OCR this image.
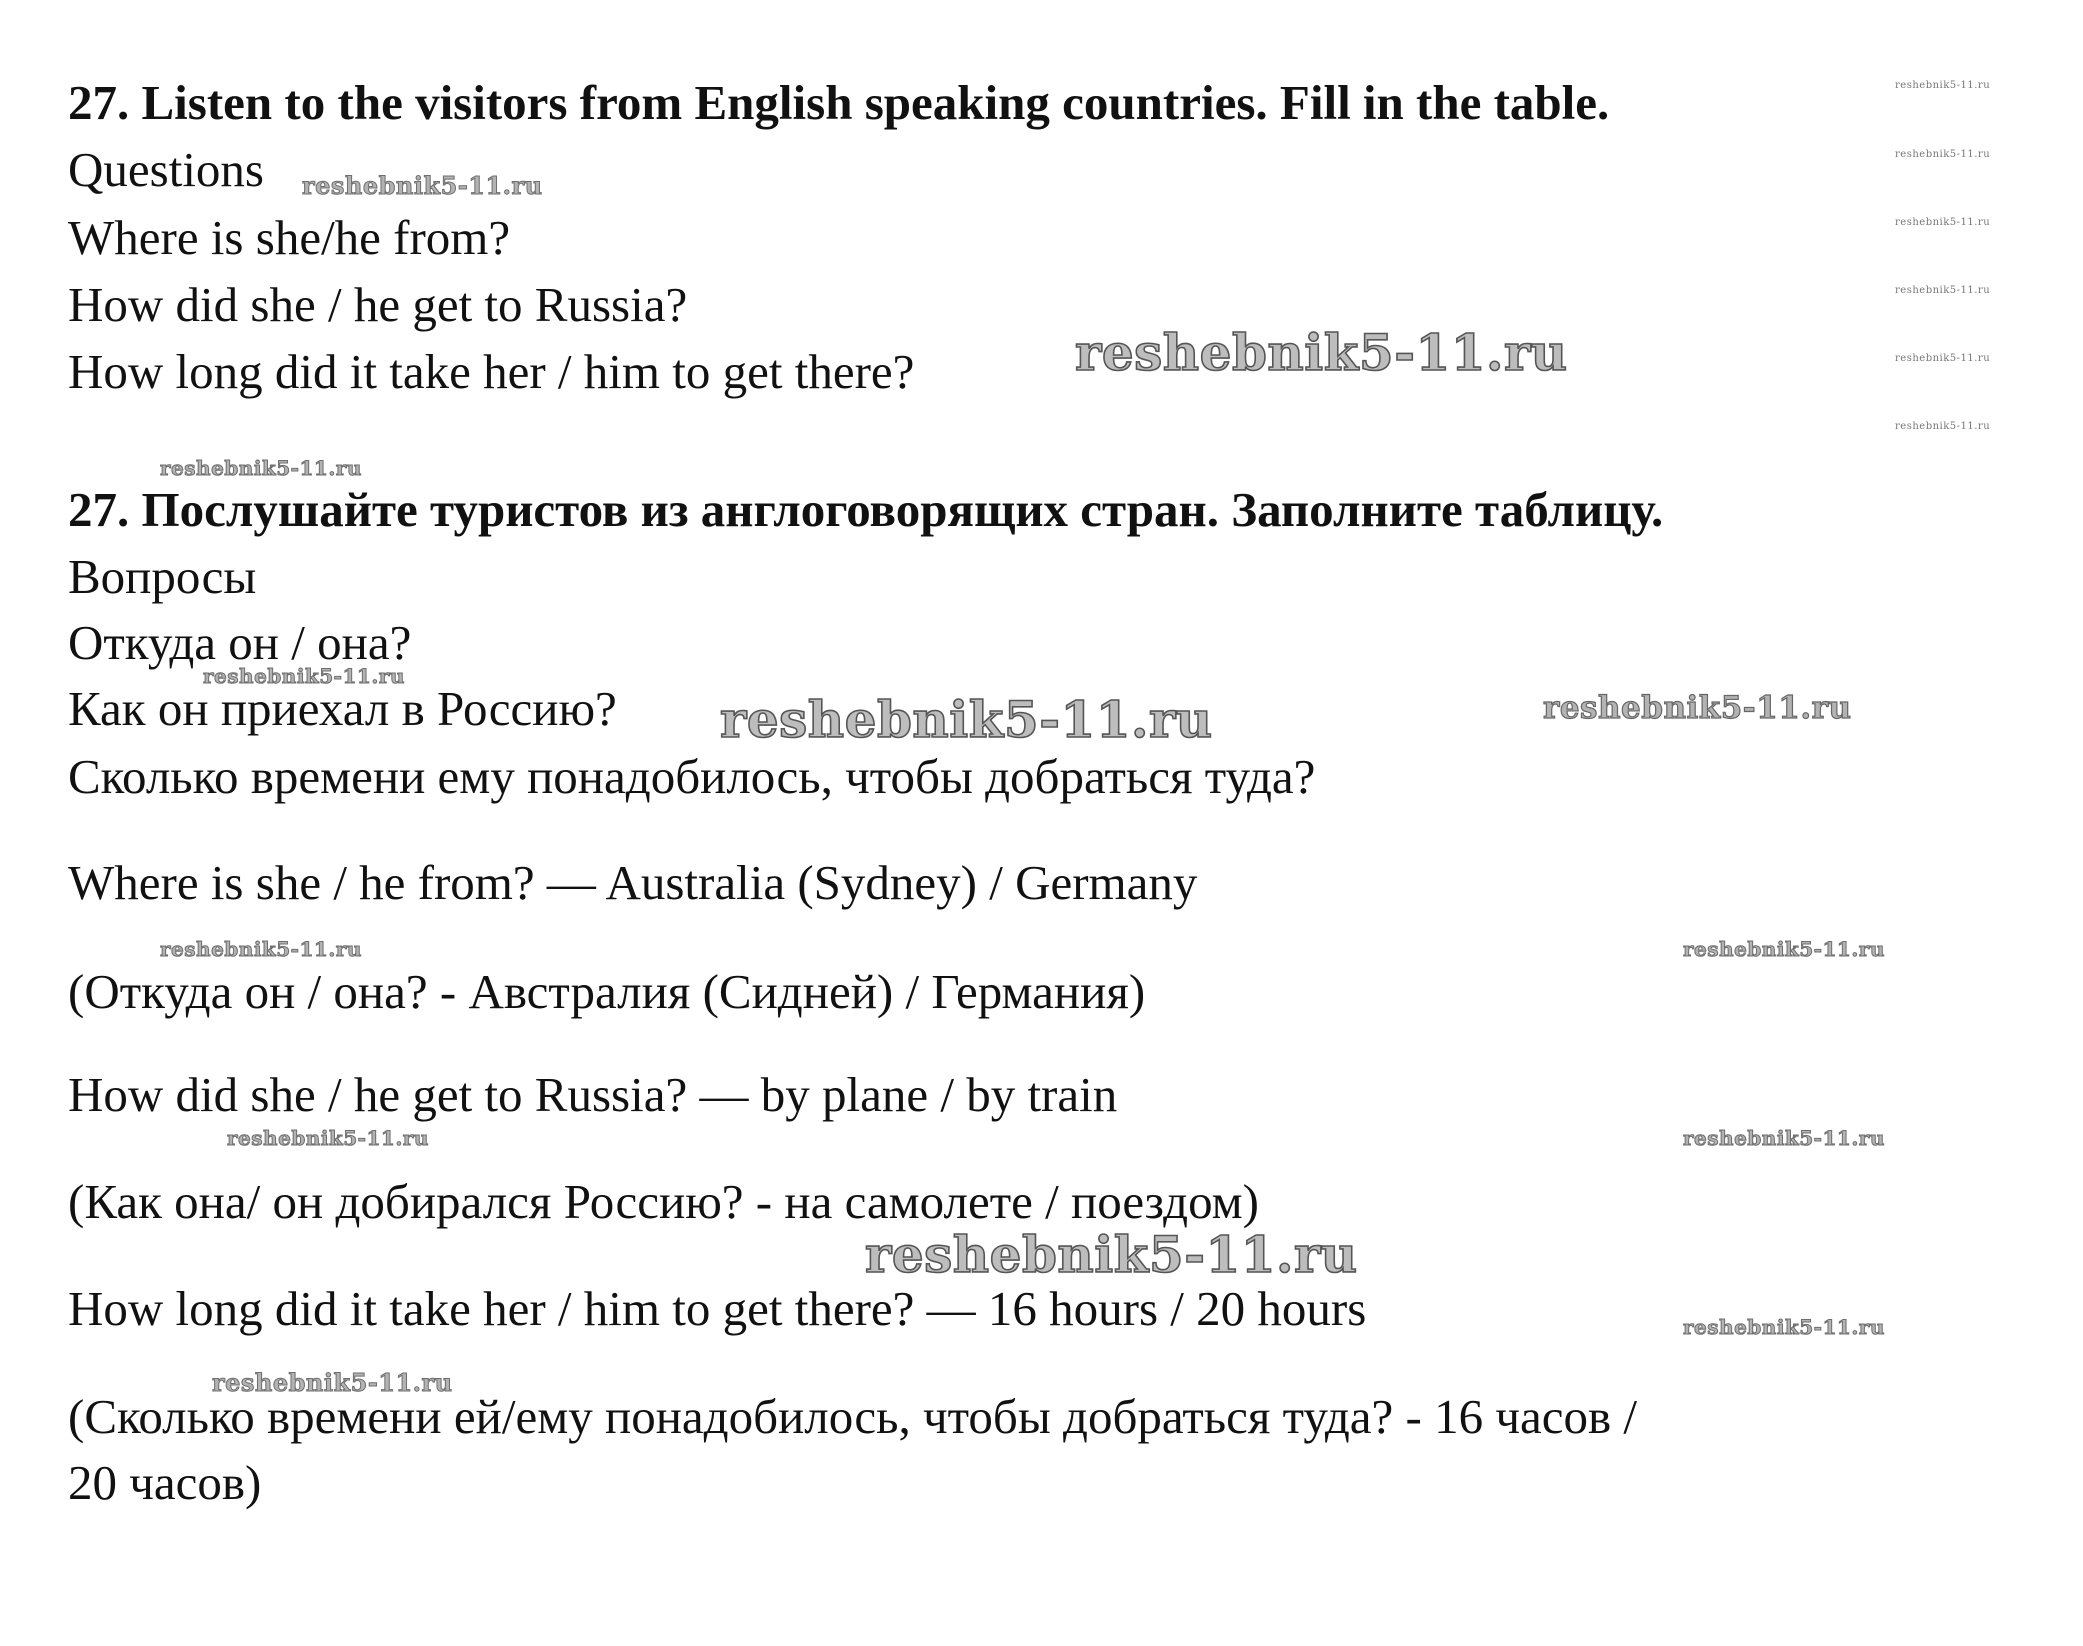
27. Listen to the visitors from English speaking countries. Fill in the table.
Questions
Where is she/he from?
How did she / he get to Russia?
How long did it take her / him to get there?
27. Послушайте туристов из англоговорящих стран. Заполните таблицу.
Вопросы
Откуда он / она?
Как он приехал в Россию?
Сколько времени ему понадобилось, чтобы добраться туда?
Where is she / he from? — Australia (Sydney) / Germany
(Откуда он / она? - Австралия (Сидней) / Германия)
How did she / he get to Russia? — by plane / by train
(Как она/ он добирался Россию? - на самолете / поездом)
How long did it take her / him to get there? — 16 hours / 20 hours
(Сколько времени ей/ему понадобилось, чтобы добраться туда? - 16 часов /
20 часов)
reshebnik5-11.ru
reshebnik5-11.ru
reshebnik5-11.ru
reshebnik5-11.ru
reshebnik5-11.ru	reshebnik5-11.ru
reshebnik5-11.ru	reshebnik5-11.ru
reshebnik5-11.ru	reshebnik5-11.ru
reshebnik5-11.ru
reshebnik5-11.ru
reshebnik5-11.ru
reshebnik5-11.ru
reshebnik5-11.ru
reshebnik5-11.ru
reshebnik5-11.ru
reshebnik5-11.ru
reshebnik5-11.ru
